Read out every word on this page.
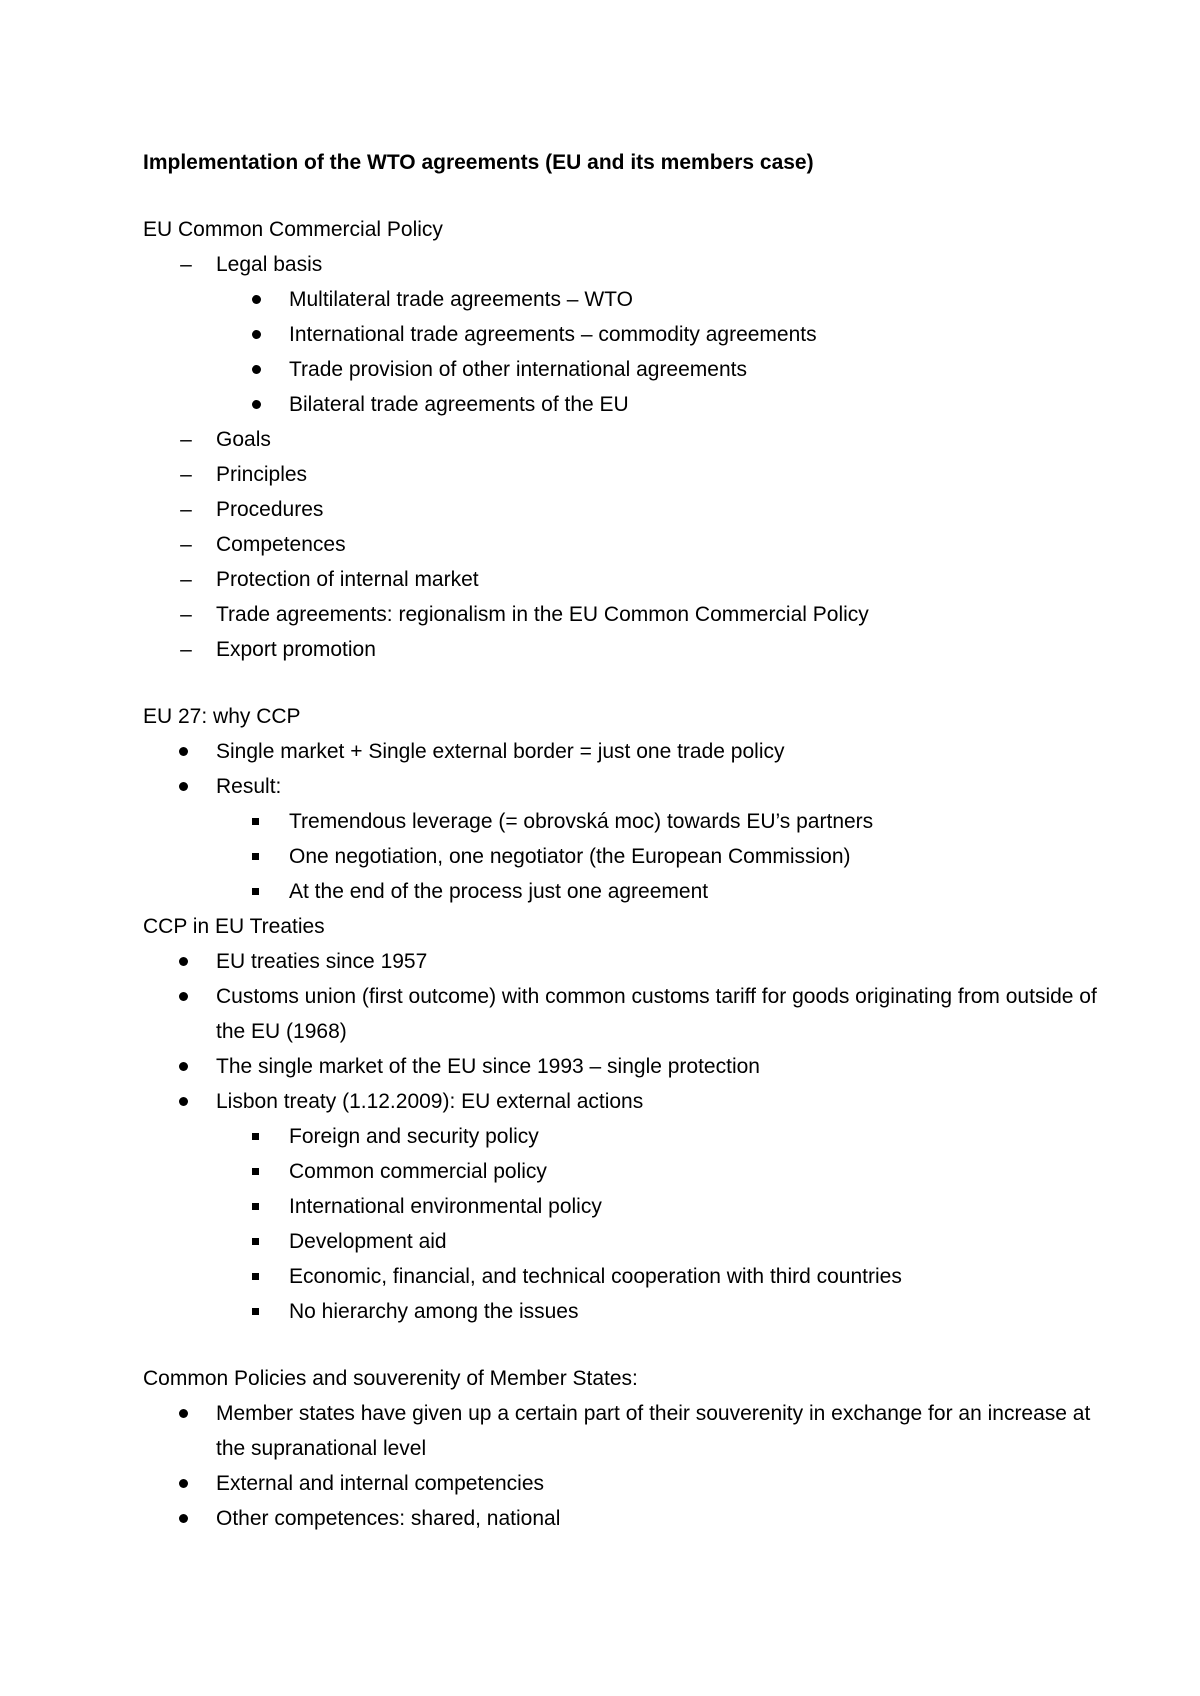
Implementation of the WTO agreements (EU and its members case)
EU Common Commercial Policy
–
Legal basis
Multilateral trade agreements – WTO
International trade agreements – commodity agreements
Trade provision of other international agreements
Bilateral trade agreements of the EU
–
Goals
–
Principles
–
Procedures
–
Competences
–
Protection of internal market
–
Trade agreements: regionalism in the EU Common Commercial Policy
–
Export promotion
EU 27: why CCP
Single market + Single external border = just one trade policy
Result:
Tremendous leverage (= obrovská moc) towards EU’s partners
One negotiation, one negotiator (the European Commission)
At the end of the process just one agreement
CCP in EU Treaties
EU treaties since 1957
Customs union (first outcome) with common customs tariff for goods originating from outside of the EU (1968)
The single market of the EU since 1993 – single protection
Lisbon treaty (1.12.2009): EU external actions
Foreign and security policy
Common commercial policy
International environmental policy
Development aid
Economic, financial, and technical cooperation with third countries
No hierarchy among the issues
Common Policies and souverenity of Member States:
Member states have given up a certain part of their souverenity in exchange for an increase at the supranational level
External and internal competencies
Other competences: shared, national
